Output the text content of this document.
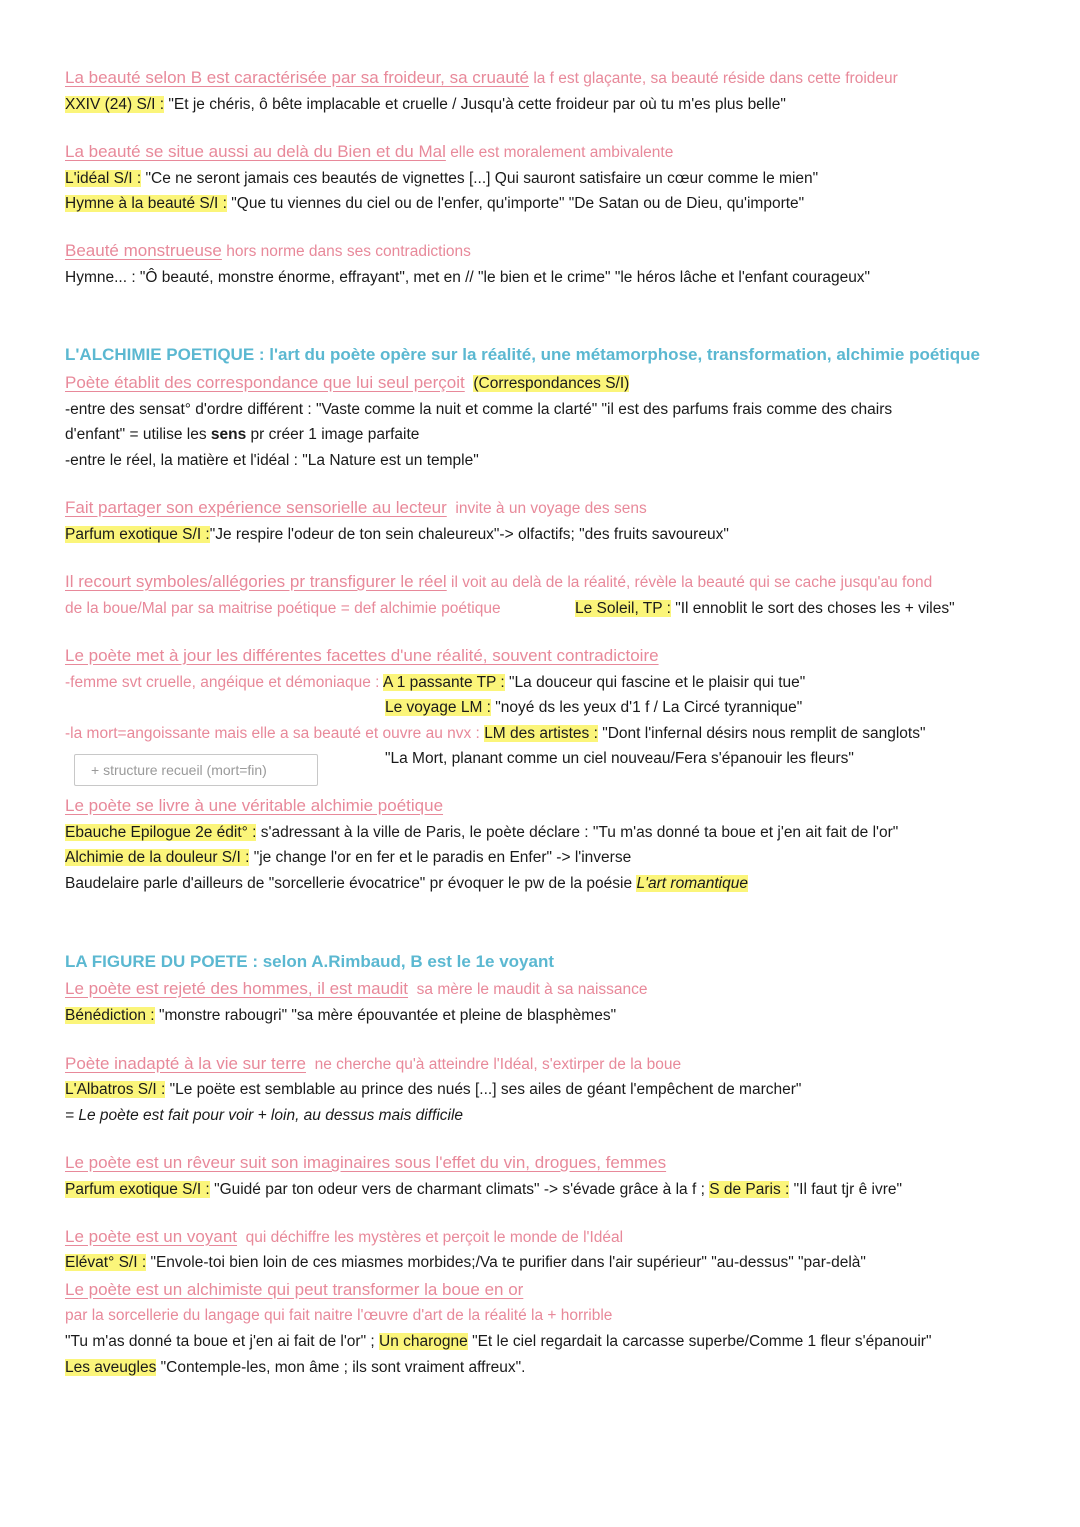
La beauté selon B est caractérisée par sa froideur, sa cruauté la f est glaçante, sa beauté réside dans cette froideur
XXIV (24) S/I : "Et je chéris, ô bête implacable et cruelle / Jusqu'à cette froideur par où tu m'es plus belle"
La beauté se situe aussi au delà du Bien et du Mal elle est moralement ambivalente
L'idéal S/I : "Ce ne seront jamais ces beautés de vignettes [...] Qui sauront satisfaire un cœur comme le mien"
Hymne à la beauté S/I : "Que tu viennes du ciel ou de l'enfer, qu'importe" "De Satan ou de Dieu, qu'importe"
Beauté monstrueuse hors norme dans ses contradictions
Hymne... : "Ô beauté, monstre énorme, effrayant", met en // "le bien et le crime" "le héros lâche et l'enfant courageux"
L'ALCHIMIE POETIQUE : l'art du poète opère sur la réalité, une métamorphose, transformation, alchimie poétique
Poète établit des correspondance que lui seul perçoit (Correspondances S/I)
-entre des sensat° d'ordre différent : "Vaste comme la nuit et comme la clarté" "il est des parfums frais comme des chairs
d'enfant" = utilise les sens pr créer 1 image parfaite
-entre le réel, la matière et l'idéal : "La Nature est un temple"
Fait partager son expérience sensorielle au lecteur invite à un voyage des sens
Parfum exotique S/I :"Je respire l'odeur de ton sein chaleureux"-> olfactifs; "des fruits savoureux"
Il recourt symboles/allégories pr transfigurer le réel il voit au delà de la réalité, révèle la beauté qui se cache jusqu'au fond
de la boue/Mal par sa maitrise poétique = def alchimie poétique	Le Soleil, TP : "Il ennoblit le sort des choses les + viles"
Le poète met à jour les différentes facettes d'une réalité, souvent contradictoire
-femme svt cruelle, angéique et démoniaque : A 1 passante TP : "La douceur qui fascine et le plaisir qui tue"
Le voyage LM : "noyé ds les yeux d'1 f / La Circé tyrannique"
-la mort=angoissante mais elle a sa beauté et ouvre au nvx : LM des artistes : "Dont l'infernal désirs nous remplit de sanglots"
"La Mort, planant comme un ciel nouveau/Fera s'épanouir les fleurs"
+ structure recueil (mort=fin)
Le poète se livre à une véritable alchimie poétique
Ebauche Epilogue 2e édit° : s'adressant à la ville de Paris, le poète déclare : "Tu m'as donné ta boue et j'en ait fait de l'or"
Alchimie de la douleur S/I : "je change l'or en fer et le paradis en Enfer" -> l'inverse
Baudelaire parle d'ailleurs de "sorcellerie évocatrice" pr évoquer le pw de la poésie L'art romantique
LA FIGURE DU POETE : selon A.Rimbaud, B est le 1e voyant
Le poète est rejeté des hommes, il est maudit sa mère le maudit à sa naissance
Bénédiction : "monstre rabougri" "sa mère épouvantée et pleine de blasphèmes"
Poète inadapté à la vie sur terre ne cherche qu'à atteindre l'Idéal, s'extirper de la boue
L'Albatros S/I : "Le poëte est semblable au prince des nués [...] ses ailes de géant l'empêchent de marcher"
= Le poète est fait pour voir + loin, au dessus mais difficile
Le poète est un rêveur suit son imaginaires sous l'effet du vin, drogues, femmes
Parfum exotique S/I : "Guidé par ton odeur vers de charmant climats" -> s'évade grâce à la f ; S de Paris : "Il faut tjr ê ivre"
Le poète est un voyant qui déchiffre les mystères et perçoit le monde de l'Idéal
Elévat° S/I : "Envole-toi bien loin de ces miasmes morbides;/Va te purifier dans l'air supérieur" "au-dessus" "par-delà"
Le poète est un alchimiste qui peut transformer la boue en or
par la sorcellerie du langage qui fait naitre l'œuvre d'art de la réalité la + horrible
"Tu m'as donné ta boue et j'en ai fait de l'or" ; Un charogne "Et le ciel regardait la carcasse superbe/Comme 1 fleur s'épanouir"
Les aveugles "Contemple-les, mon âme ; ils sont vraiment affreux".
